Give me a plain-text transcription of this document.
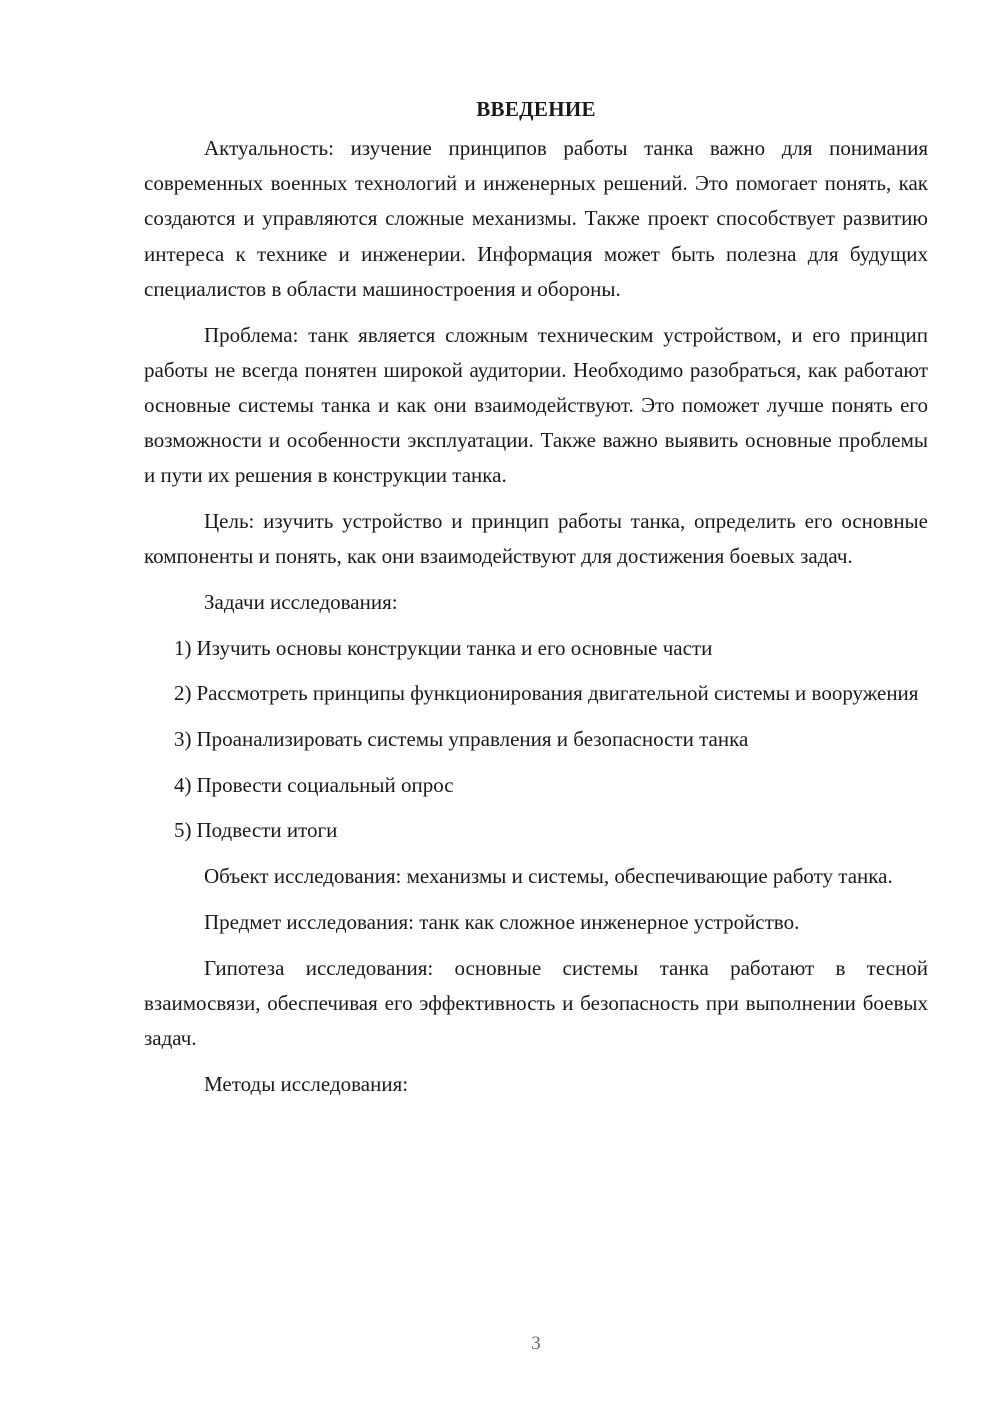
ВВЕДЕНИЕ

Актуальность: изучение принципов работы танка важно для понимания современных военных технологий и инженерных решений. Это помогает понять, как создаются и управляются сложные механизмы. Также проект способствует развитию интереса к технике и инженерии. Информация может быть полезна для будущих специалистов в области машиностроения и обороны.

Проблема: танк является сложным техническим устройством, и его принцип работы не всегда понятен широкой аудитории. Необходимо разобраться, как работают основные системы танка и как они взаимодействуют. Это поможет лучше понять его возможности и особенности эксплуатации. Также важно выявить основные проблемы и пути их решения в конструкции танка.

Цель: изучить устройство и принцип работы танка, определить его основные компоненты и понять, как они взаимодействуют для достижения боевых задач.

Задачи исследования:

1) Изучить основы конструкции танка и его основные части

2) Рассмотреть принципы функционирования двигательной системы и вооружения

3) Проанализировать системы управления и безопасности танка

4) Провести социальный опрос

5) Подвести итоги

Объект исследования: механизмы и системы, обеспечивающие работу танка.

Предмет исследования: танк как сложное инженерное устройство.

Гипотеза исследования: основные системы танка работают в тесной взаимосвязи, обеспечивая его эффективность и безопасность при выполнении боевых задач.

Методы исследования:

3
